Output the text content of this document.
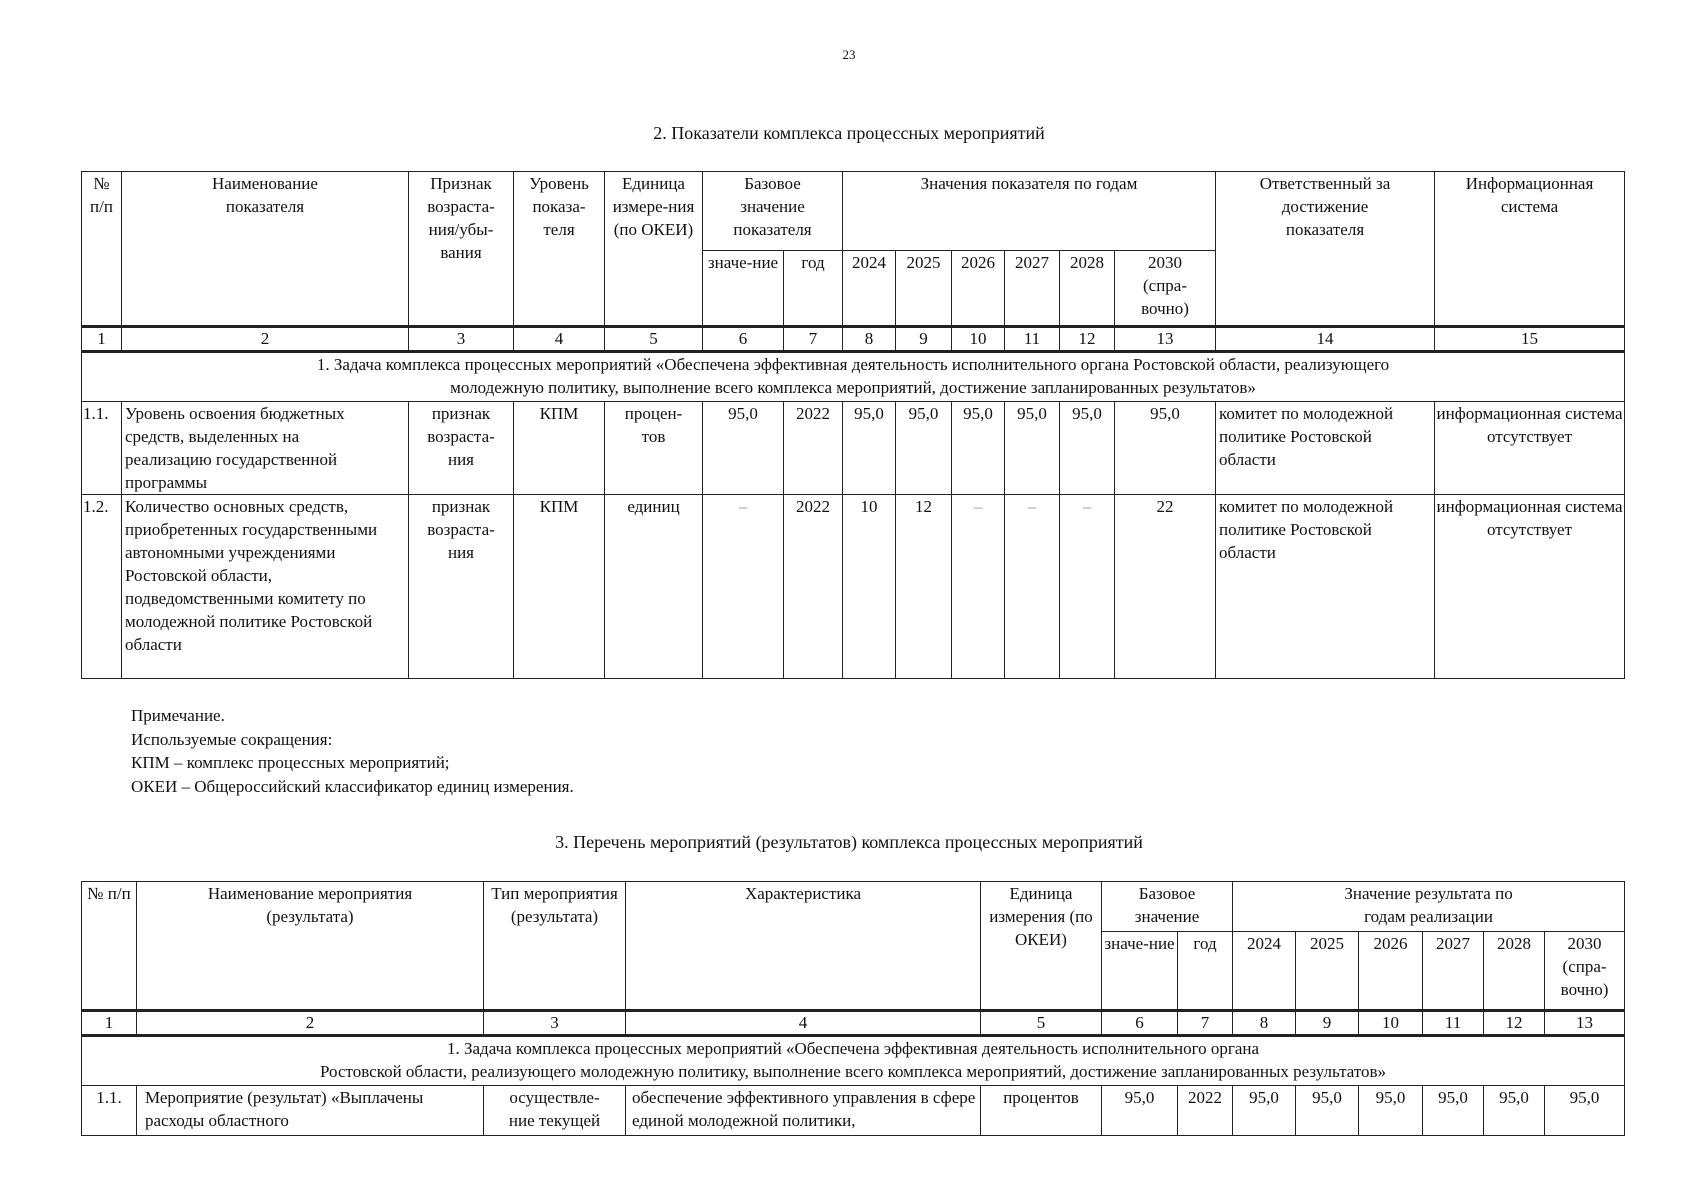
23
2. Показатели комплекса процессных мероприятий
№ п/п	Наименование показателя	Признак возраста-ния/убы-вания	Уровень показа-теля	Единица измере-ния (по ОКЕИ)	Базовое значение показателя		Значения показателя по годам						Ответственный за достижение показателя	Информационная система
					значе-ние	год	2024	2025	2026	2027	2028	2030 (спра-вочно)		
1	2	3	4	5	6	7	8	9	10	11	12	13	14	15
1. Задача комплекса процессных мероприятий «Обеспечена эффективная деятельность исполнительного органа Ростовской области, реализующего молодежную политику, выполнение всего комплекса мероприятий, достижение запланированных результатов»														
1.1.	Уровень освоения бюджетных средств, выделенных на реализацию государственной программы	признак возраста-ния	КПМ	процен-тов	95,0	2022	95,0	95,0	95,0	95,0	95,0	95,0	комитет по молодежной политике Ростовской области	информационная система отсутствует
1.2.	Количество основных средств, приобретенных государственными автономными учреждениями Ростовской области, подведомственными комитету по молодежной политике Ростовской области	признак возраста-ния	КПМ	единиц	–	2022	10	12	–	–	–	22	комитет по молодежной политике Ростовской области	информационная система отсутствует
Примечание.
Используемые сокращения:
КПМ – комплекс процессных мероприятий;
ОКЕИ – Общероссийский классификатор единиц измерения.
3. Перечень мероприятий (результатов) комплекса процессных мероприятий
№ п/п	Наименование мероприятия (результата)	Тип мероприятия (результата)	Характеристика	Единица измерения (по ОКЕИ)	Базовое значение		Значение результата по годам реализации					
					значе-ние	год	2024	2025	2026	2027	2028	2030 (спра-вочно)
1	2	3	4	5	6	7	8	9	10	11	12	13

1. Задача комплекса процессных мероприятий «Обеспечена эффективная деятельность исполнительного органа
Ростовской области, реализующего молодежную политику, выполнение всего комплекса мероприятий, достижение запланированных результатов»												

1.1.	Мероприятие (результат) «Выплачены расходы областного	осуществле-ние текущей	обеспечение эффективного управления в сфере единой молодежной политики,	процентов	95,0	2022	95,0	95,0	95,0	95,0	95,0	95,0
